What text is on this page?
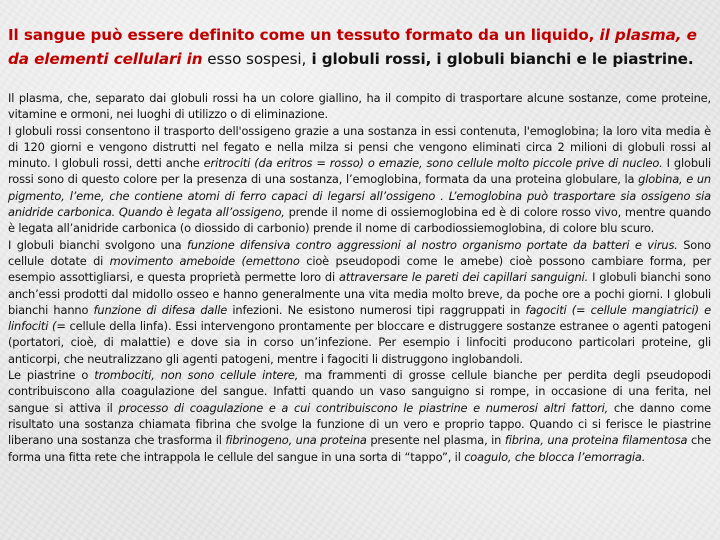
Il sangue può essere definito come un tessuto formato da un liquido, il plasma, e da elementi cellulari in esso sospesi, i globuli rossi, i globuli bianchi e le piastrine.

Il plasma, che, separato dai globuli rossi ha un colore giallino, ha il compito di trasportare alcune sostanze, come proteine, vitamine e ormoni, nei luoghi di utilizzo o di eliminazione.

I globuli rossi consentono il trasporto dell'ossigeno grazie a una sostanza in essi contenuta, l'emoglobina; la loro vita media è di 120 giorni e vengono distrutti nel fegato e nella milza si pensi che vengono eliminati circa 2 milioni di globuli rossi al minuto. I globuli rossi, detti anche eritrociti (da eritros = rosso) o emazie, sono cellule molto piccole prive di nucleo. I globuli rossi sono di questo colore per la presenza di una sostanza, l’emoglobina, formata da una proteina globulare, la globina, e un pigmento, l’eme, che contiene atomi di ferro capaci di legarsi all’ossigeno . L’emoglobina può trasportare sia ossigeno sia anidride carbonica. Quando è legata all’ossigeno, prende il nome di ossiemoglobina ed è di colore rosso vivo, mentre quando è legata all’anidride carbonica (o diossido di carbonio) prende il nome di carbodiossiemoglobina, di colore blu scuro.

I globuli bianchi svolgono una funzione difensiva contro aggressioni al nostro organismo portate da batteri e virus. Sono cellule dotate di movimento ameboide (emettono cioè pseudopodi come le amebe) cioè possono cambiare forma, per esempio assottigliarsi, e questa proprietà permette loro di attraversare le pareti dei capillari sanguigni. I globuli bianchi sono anch’essi prodotti dal midollo osseo e hanno generalmente una vita media molto breve, da poche ore a pochi giorni. I globuli bianchi hanno funzione di difesa dalle infezioni. Ne esistono numerosi tipi raggruppati in fagociti (= cellule mangiatrici) e linfociti (= cellule della linfa). Essi intervengono prontamente per bloccare e distruggere sostanze estranee o agenti patogeni (portatori, cioè, di malattie) e dove sia in corso un’infezione. Per esempio i linfociti producono particolari proteine, gli anticorpi, che neutralizzano gli agenti patogeni, mentre i fagociti li distruggono inglobandoli.

Le piastrine o trombociti, non sono cellule intere, ma frammenti di grosse cellule bianche per perdita degli pseudopodi contribuiscono alla coagulazione del sangue. Infatti quando un vaso sanguigno si rompe, in occasione di una ferita, nel sangue si attiva il processo di coagulazione e a cui contribuiscono le piastrine e numerosi altri fattori, che danno come risultato una sostanza chiamata fibrina che svolge la funzione di un vero e proprio tappo. Quando ci si ferisce le piastrine liberano una sostanza che trasforma il fibrinogeno, una proteina presente nel plasma, in fibrina, una proteina filamentosa che forma una fitta rete che intrappola le cellule del sangue in una sorta di “tappo”, il coagulo, che blocca l’emorragia.
